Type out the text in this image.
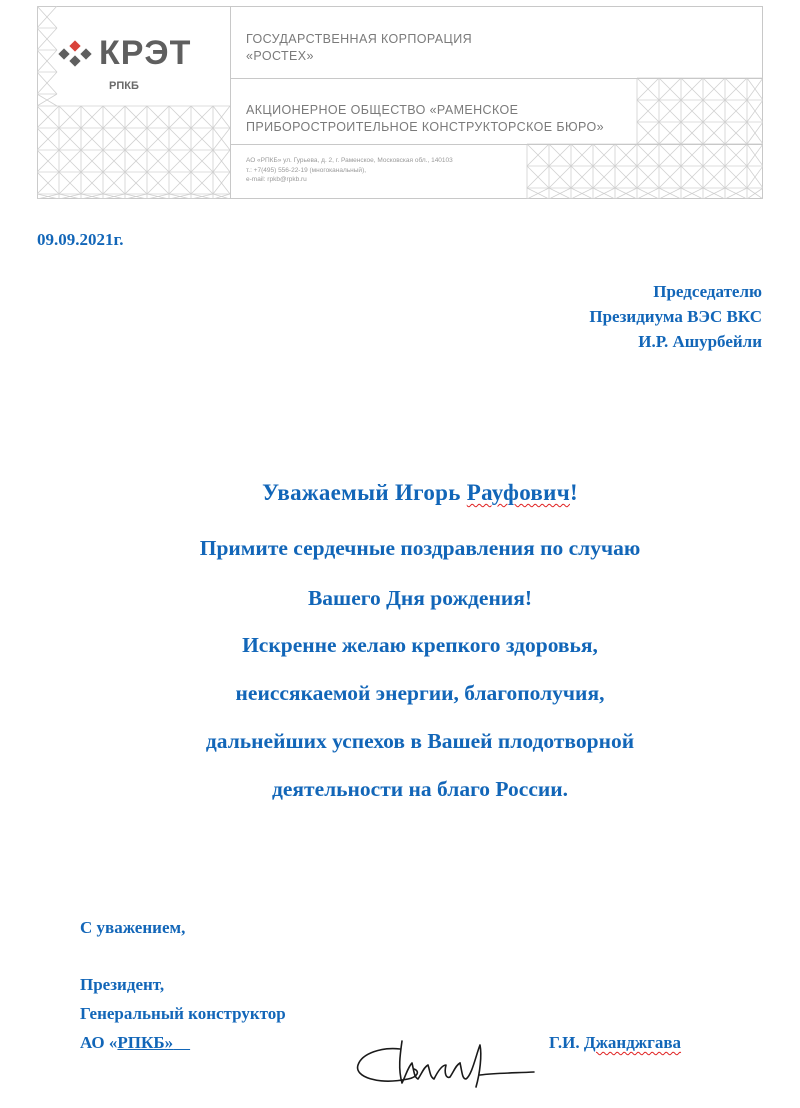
КРЭТ
РПКБ
ГОСУДАРСТВЕННАЯ КОРПОРАЦИЯ
«РОСТЕХ»
АКЦИОНЕРНОЕ ОБЩЕСТВО «РАМЕНСКОЕ
ПРИБОРОСТРОИТЕЛЬНОЕ КОНСТРУКТОРСКОЕ БЮРО»
АО «РПКБ» ул. Гурьева, д. 2, г. Раменское, Московская обл., 140103
т.: +7(495) 556-22-19 (многоканальный),
e-mail: rpkb@rpkb.ru
09.09.2021г.
Председателю
Президиума ВЭС ВКС
И.Р. Ашурбейли
Уважаемый Игорь Рауфович!
Примите сердечные поздравления по случаю
Вашего Дня рождения!
Искренне желаю крепкого здоровья,
неиссякаемой энергии, благополучия,
дальнейших успехов в Вашей плодотворной
деятельности на благо России.
С уважением,
Президент,
Генеральный конструктор
АО «РПКБ»	Г.И. Джанджгава
